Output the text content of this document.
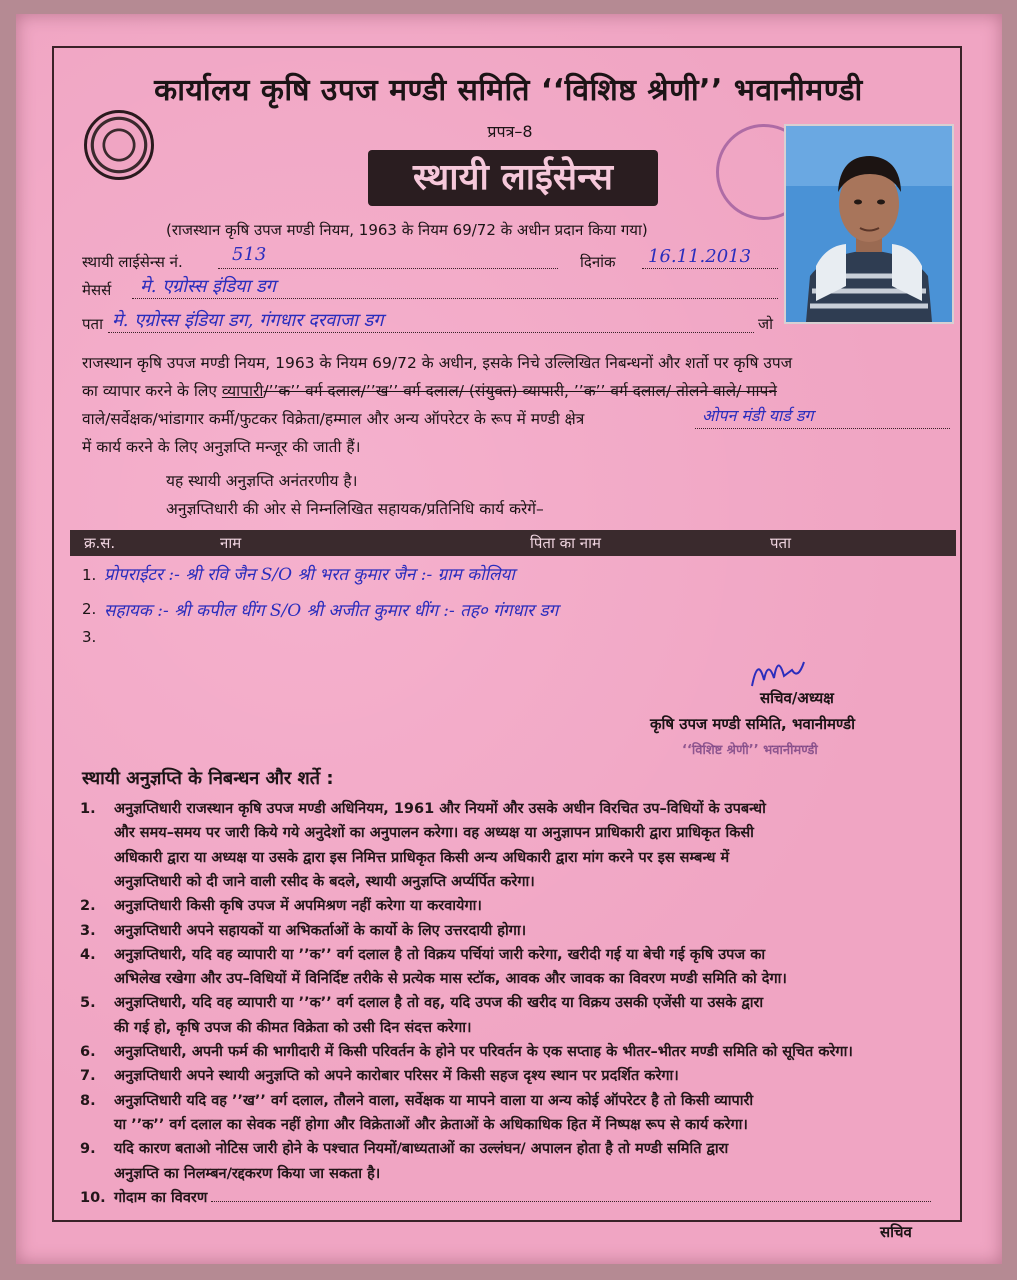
कार्यालय कृषि उपज मण्डी समिति ‘‘विशिष्ठ श्रेणी’’ भवानीमण्डी
प्रपत्र–8
स्थायी लाईसेन्स
(राजस्थान कृषि उपज मण्डी नियम, 1963 के नियम 69/72 के अधीन प्रदान किया गया)
स्थायी लाईसेन्स नं.	513	दिनांक 16.11.2013
मेसर्स मे. एग्रोस्स इंडिया डग
पता मे. एग्रोस्स इंडिया डग, गंगधार दरवाजा डग	जो
राजस्थान कृषि उपज मण्डी नियम, 1963 के नियम 69/72 के अधीन, इसके निचे उल्लिखित निबन्धनों और शर्तो पर कृषि उपज
का व्यापार करने के लिए व्यापारी/’’क’’ वर्ग दलाल/’’ख’’ वर्ग दलाल/ (संयुक्त) व्यापारी, ’’क’’ वर्ग दलाल/ तोलने वाले/ मापने
वाले/सर्वेक्षक/भांडागार कर्मी/फुटकर विक्रेता/हम्माल और अन्य ऑपरेटर के रूप में मण्डी क्षेत्र	ओपन मंडी यार्ड डग
में कार्य करने के लिए अनुज्ञप्ति मन्जूर की जाती हैं।
यह स्थायी अनुज्ञप्ति अनंतरणीय है।
अनुज्ञप्तिधारी की ओर से निम्नलिखित सहायक/प्रतिनिधि कार्य करेगें–
क्र.स.	नाम	पिता का नाम	पता
1. प्रोपराईटर :- श्री रवि जैन S/O श्री भरत कुमार जैन :- ग्राम कोलिया
2. सहायक :- श्री कपील धींग S/O श्री अजीत कुमार धींग :- तह० गंगधार डग
3.
सचिव/अध्यक्ष
कृषि उपज मण्डी समिति, भवानीमण्डी
‘‘विशिष्ट श्रेणी’’ भवानीमण्डी
स्थायी अनुज्ञप्ति के निबन्धन और शर्ते :
1. अनुज्ञप्तिधारी राजस्थान कृषि उपज मण्डी अधिनियम, 1961 और नियमों और उसके अधीन विरचित उप–विधियों के उपबन्धो
और समय–समय पर जारी किये गये अनुदेशों का अनुपालन करेगा। वह अध्यक्ष या अनुज्ञापन प्राधिकारी द्वारा प्राधिकृत किसी
अधिकारी द्वारा या अध्यक्ष या उसके द्वारा इस निमित्त प्राधिकृत किसी अन्य अधिकारी द्वारा मांग करने पर इस सम्बन्ध में
अनुज्ञप्तिधारी को दी जाने वाली रसीद के बदले, स्थायी अनुज्ञप्ति अर्प्यर्पित करेगा।
2. अनुज्ञप्तिधारी किसी कृषि उपज में अपमिश्रण नहीं करेगा या करवायेगा।
3. अनुज्ञप्तिधारी अपने सहायकों या अभिकर्ताओं के कार्यो के लिए उत्तरदायी होगा।
4. अनुज्ञप्तिधारी, यदि वह व्यापारी या ’’क’’ वर्ग दलाल है तो विक्रय पर्चियां जारी करेगा, खरीदी गई या बेची गई कृषि उपज का
अभिलेख रखेगा और उप–विधियों में विनिर्दिष्ट तरीके से प्रत्येक मास स्टॉक, आवक और जावक का विवरण मण्डी समिति को देगा।
5. अनुज्ञप्तिधारी, यदि वह व्यापारी या ’’क’’ वर्ग दलाल है तो वह, यदि उपज की खरीद या विक्रय उसकी एजेंसी या उसके द्वारा
की गई हो, कृषि उपज की कीमत विक्रेता को उसी दिन संदत्त करेगा।
6. अनुज्ञप्तिधारी, अपनी फर्म की भागीदारी में किसी परिवर्तन के होने पर परिवर्तन के एक सप्ताह के भीतर–भीतर मण्डी समिति को सूचित करेगा।
7. अनुज्ञप्तिधारी अपने स्थायी अनुज्ञप्ति को अपने कारोबार परिसर में किसी सहज दृश्य स्थान पर प्रदर्शित करेगा।
8. अनुज्ञप्तिधारी यदि वह ’’ख’’ वर्ग दलाल, तौलने वाला, सर्वेक्षक या मापने वाला या अन्य कोई ऑपरेटर है तो किसी व्यापारी
या ’’क’’ वर्ग दलाल का सेवक नहीं होगा और विक्रेताओं और क्रेताओं के अधिकाधिक हित में निष्पक्ष रूप से कार्य करेगा।
9. यदि कारण बताओ नोटिस जारी होने के पश्चात नियमों/बाध्यताओं का उल्लंघन/ अपालन होता है तो मण्डी समिति द्वारा
अनुज्ञप्ति का निलम्बन/रद्दकरण किया जा सकता है।
10. गोदाम का विवरण
सचिव
